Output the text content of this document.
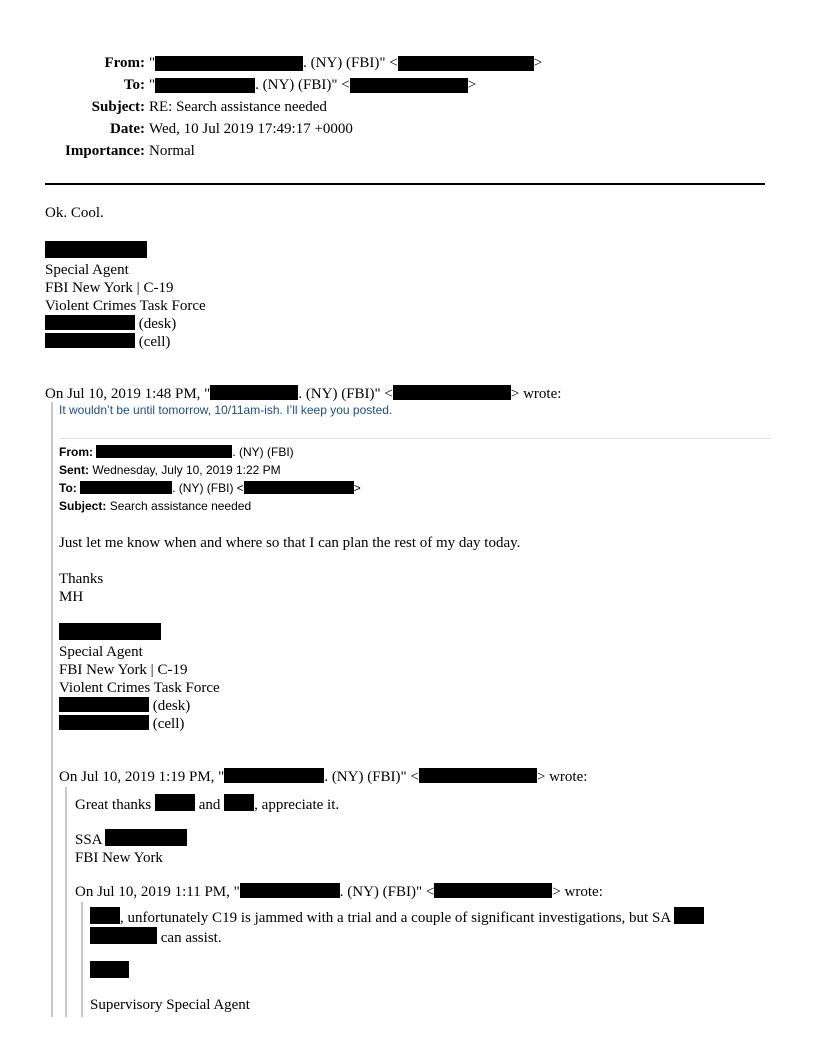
From: "	. (NY) (FBI)" <	>
To: "	. (NY) (FBI)" <	>
Subject: RE: Search assistance needed
Date: Wed, 10 Jul 2019 17:49:17 +0000
Importance: Normal
Ok. Cool.
Special Agent
FBI New York | C-19
Violent Crimes Task Force
(desk)
(cell)
On Jul 10, 2019 1:48 PM, "	. (NY) (FBI)" <	> wrote:
It wouldn’t be until tomorrow, 10/11am-ish. I’ll keep you posted.
From:	. (NY) (FBI)
Sent: Wednesday, July 10, 2019 1:22 PM
To:	. (NY) (FBI) <	>
Subject: Search assistance needed
Just let me know when and where so that I can plan the rest of my day today.
Thanks
MH
Special Agent
FBI New York | C-19
Violent Crimes Task Force
(desk)
(cell)
On Jul 10, 2019 1:19 PM, "	. (NY) (FBI)" <	> wrote:
Great thanks	and , appreciate it.
SSA
FBI New York
On Jul 10, 2019 1:11 PM, "	. (NY) (FBI)" <	> wrote:
, unfortunately C19 is jammed with a trial and a couple of significant investigations, but SA
can assist.
Supervisory Special Agent
